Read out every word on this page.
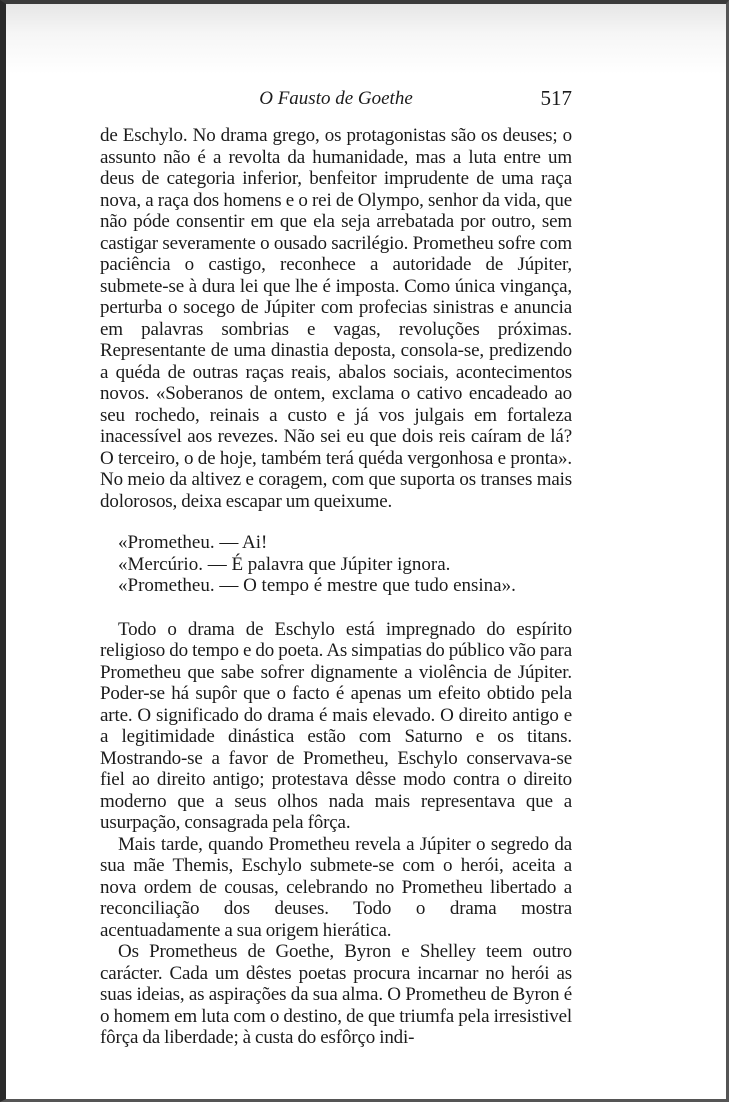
O Fausto de Goethe	517

de Eschylo. No drama grego, os protagonistas são os deuses; o assunto não é a revolta da humanidade, mas a luta entre um deus de categoria inferior, benfeitor imprudente de uma raça nova, a raça dos homens e o rei de Olympo, senhor da vida, que não póde consentir em que ela seja arrebatada por outro, sem castigar severamente o ousado sacrilégio. Prometheu sofre com paciência o castigo, reconhece a autoridade de Júpiter, submete-se à dura lei que lhe é imposta. Como única vingança, perturba o socego de Júpiter com profecias sinistras e anuncia em palavras sombrias e vagas, revoluções próximas. Representante de uma dinastia deposta, consola-se, predizendo a quéda de outras raças reais, abalos sociais, acontecimentos novos. «Soberanos de ontem, exclama o cativo encadeado ao seu rochedo, reinais a custo e já vos julgais em fortaleza inacessível aos revezes. Não sei eu que dois reis caíram de lá? O terceiro, o de hoje, também terá quéda vergonhosa e pronta». No meio da altivez e coragem, com que suporta os transes mais dolorosos, deixa escapar um queixume.

«Prometheu. — Ai!
«Mercúrio. — É palavra que Júpiter ignora.
«Prometheu. — O tempo é mestre que tudo ensina».

Todo o drama de Eschylo está impregnado do espírito religioso do tempo e do poeta. As simpatias do público vão para Prometheu que sabe sofrer dignamente a violência de Júpiter. Poder-se há supôr que o facto é apenas um efeito obtido pela arte. O significado do drama é mais elevado. O direito antigo e a legitimidade dinástica estão com Saturno e os titans. Mostrando-se a favor de Prometheu, Eschylo conservava-se fiel ao direito antigo; protestava dêsse modo contra o direito moderno que a seus olhos nada mais representava que a usurpação, consagrada pela fôrça.

Mais tarde, quando Prometheu revela a Júpiter o segredo da sua mãe Themis, Eschylo submete-se com o herói, aceita a nova ordem de cousas, celebrando no Prometheu libertado a reconciliação dos deuses. Todo o drama mostra acentuadamente a sua origem hierática.

Os Prometheus de Goethe, Byron e Shelley teem outro carácter. Cada um dêstes poetas procura incarnar no herói as suas ideias, as aspirações da sua alma. O Prometheu de Byron é o homem em luta com o destino, de que triumfa pela irresistivel fôrça da liberdade; à custa do esfôrço indi-
